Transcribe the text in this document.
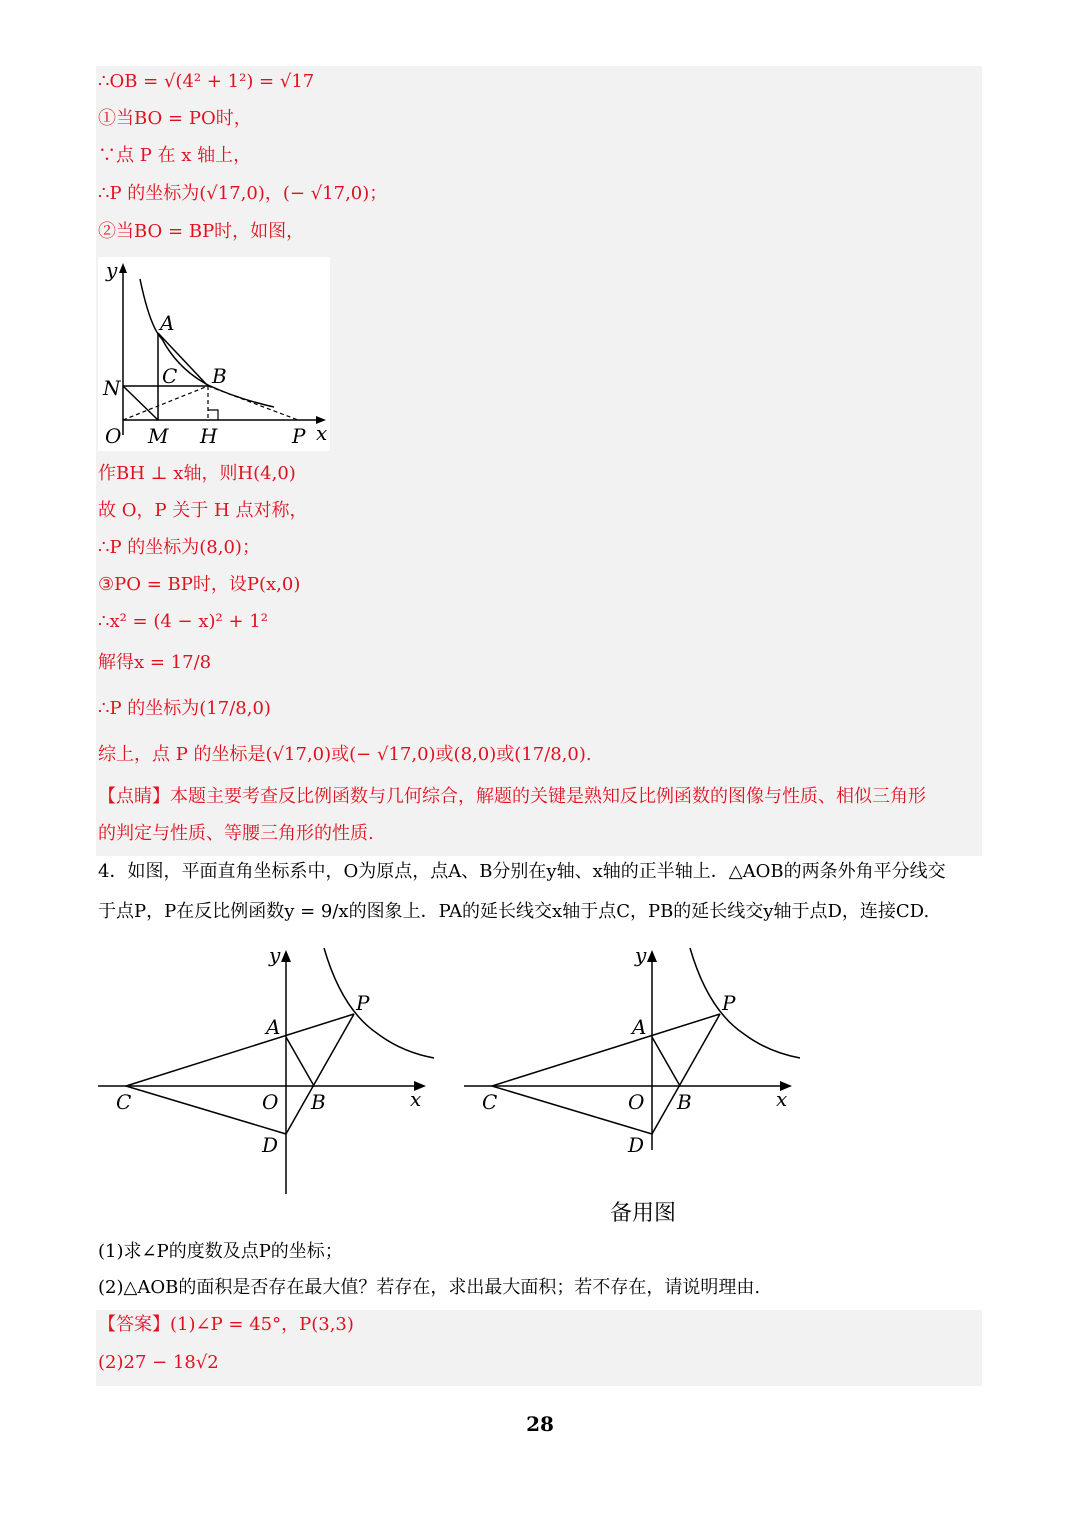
∴OB = √(4² + 1²) = √17
①当BO = PO时，
∵点 P 在 x 轴上，
∴P 的坐标为(√17,0)，(− √17,0)；
②当BO = BP时，如图，
y
A
C B
N
O M H	P x
作BH ⊥ x轴，则H(4,0)
故 O，P 关于 H 点对称，
∴P 的坐标为(8,0)；
③PO = BP时，设P(x,0)
∴x² = (4 − x)² + 1²
解得x = 17/8
∴P 的坐标为(17/8,0)
综上，点 P 的坐标是(√17,0)或(− √17,0)或(8,0)或(17/8,0).
【点睛】本题主要考查反比例函数与几何综合，解题的关键是熟知反比例函数的图像与性质、相似三角形
的判定与性质、等腰三角形的性质.
4．如图，平面直角坐标系中，O为原点，点A、B分别在y轴、x轴的正半轴上．△AOB的两条外角平分线交
于点P，P在反比例函数y = 9/x的图象上．PA的延长线交x轴于点C，PB的延长线交y轴于点D，连接CD.
y
P
A
C	O B	x
D
y
P
A
C	O B	x
D
备用图
(1)求∠P的度数及点P的坐标；
(2)△AOB的面积是否存在最大值？若存在，求出最大面积；若不存在，请说明理由.
【答案】(1)∠P = 45°，P(3,3)
(2)27 − 18√2
28
